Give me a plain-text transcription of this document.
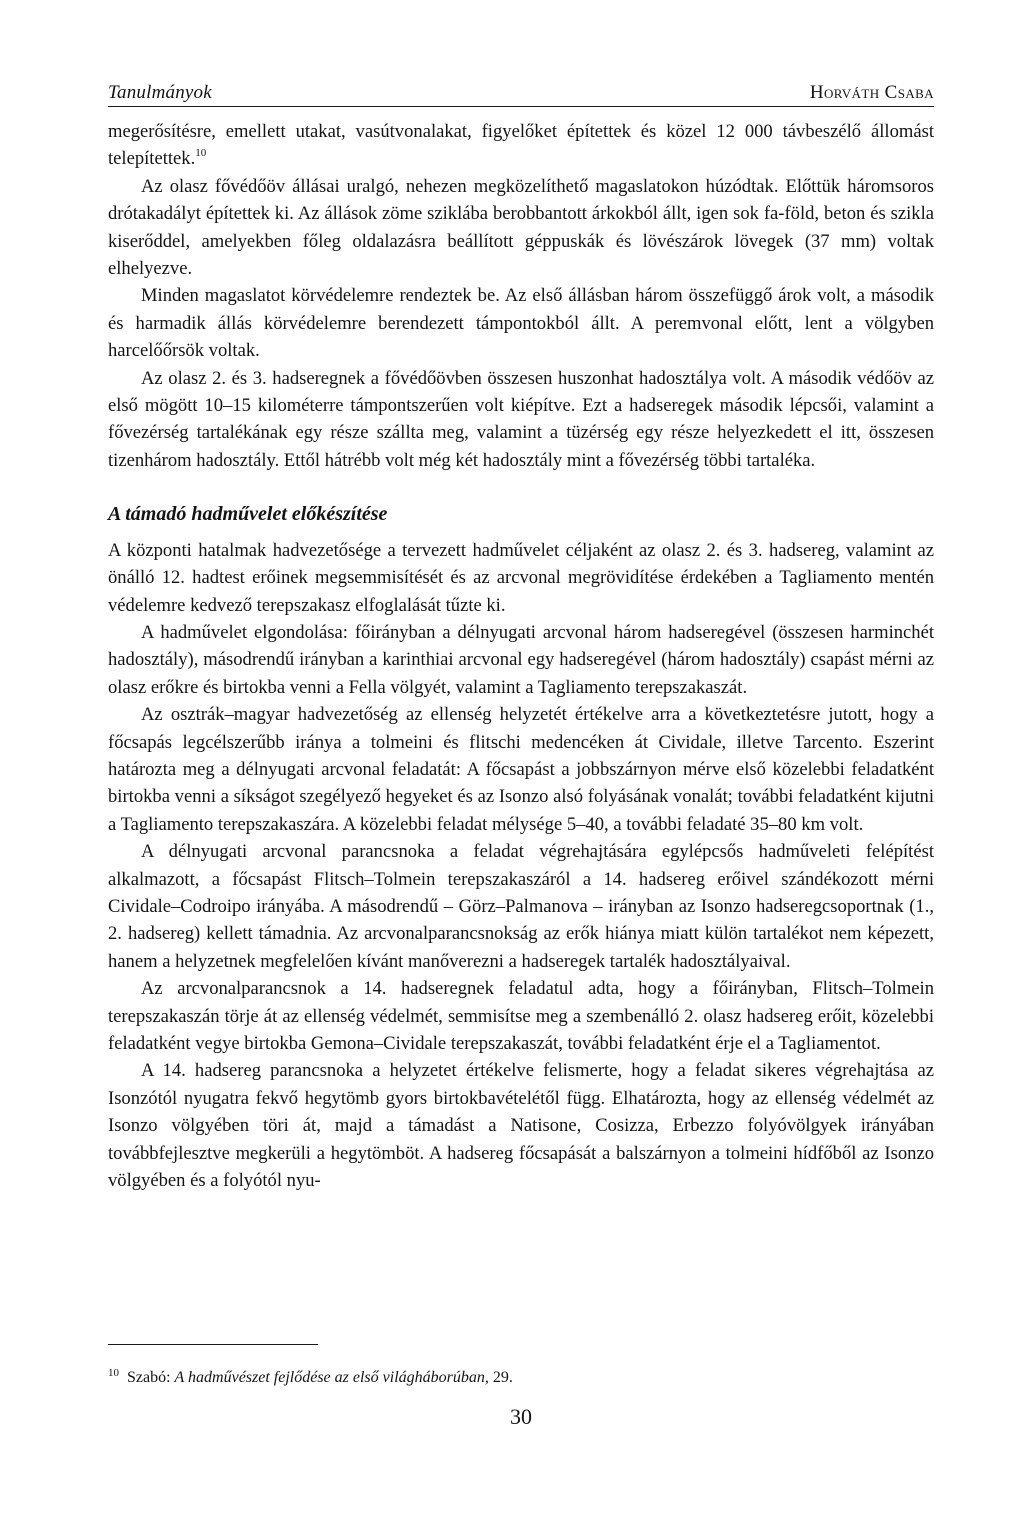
Tanulmányok	Horváth Csaba

megerősítésre, emellett utakat, vasútvonalakat, figyelőket építettek és közel 12 000 távbeszélő állomást telepítettek.$^{10}$

Az olasz fővédőöv állásai uralgó, nehezen megközelíthető magaslatokon húzódtak. Előttük háromsoros drótakadályt építettek ki. Az állások zöme sziklába berobbantott árkokból állt, igen sok fa-föld, beton és szikla kiserőddel, amelyekben főleg oldalazásra beállított géppuskák és lövészárok lövegek (37 mm) voltak elhelyezve.

Minden magaslatot körvédelemre rendeztek be. Az első állásban három összefüggő árok volt, a második és harmadik állás körvédelemre berendezett támpontokból állt. A peremvonal előtt, lent a völgyben harcelőőrsök voltak.

Az olasz 2. és 3. hadseregnek a fővédőövben összesen huszonhat hadosztálya volt. A második védőöv az első mögött 10–15 kilométerre támpontszerűen volt kiépítve. Ezt a hadseregek második lépcsői, valamint a fővezérség tartalékának egy része szállta meg, valamint a tüzérség egy része helyezkedett el itt, összesen tizenhárom hadosztály. Ettől hátrébb volt még két hadosztály mint a fővezérség többi tartaléka.

A támadó hadművelet előkészítése

A központi hatalmak hadvezetősége a tervezett hadművelet céljaként az olasz 2. és 3. hadsereg, valamint az önálló 12. hadtest erőinek megsemmisítését és az arcvonal megrövidítése érdekében a Tagliamento mentén védelemre kedvező terepszakasz elfoglalását tűzte ki.

A hadművelet elgondolása: főirányban a délnyugati arcvonal három hadseregével (összesen harminchét hadosztály), másodrendű irányban a karinthiai arcvonal egy hadseregével (három hadosztály) csapást mérni az olasz erőkre és birtokba venni a Fella völgyét, valamint a Tagliamento terepszakaszát.

Az osztrák–magyar hadvezetőség az ellenség helyzetét értékelve arra a következtetésre jutott, hogy a főcsapás legcélszerűbb iránya a tolmeini és flitschi medencéken át Cividale, illetve Tarcento. Eszerint határozta meg a délnyugati arcvonal feladatát: A főcsapást a jobbszárnyon mérve első közelebbi feladatként birtokba venni a síkságot szegélyező hegyeket és az Isonzo alsó folyásának vonalát; további feladatként kijutni a Tagliamento terepszakaszára. A közelebbi feladat mélysége 5–40, a további feladaté 35–80 km volt.

A délnyugati arcvonal parancsnoka a feladat végrehajtására egylépcsős hadműveleti felépítést alkalmazott, a főcsapást Flitsch–Tolmein terepszakaszáról a 14. hadsereg erőivel szándékozott mérni Cividale–Codroipo irányába. A másodrendű – Görz–Palmanova – irányban az Isonzo hadseregcsoportnak (1., 2. hadsereg) kellett támadnia. Az arcvonalparancsnokság az erők hiánya miatt külön tartalékot nem képezett, hanem a helyzetnek megfelelően kívánt manőverezni a hadseregek tartalék hadosztályaival.

Az arcvonalparancsnok a 14. hadseregnek feladatul adta, hogy a főirányban, Flitsch–Tolmein terepszakaszán törje át az ellenség védelmét, semmisítse meg a szembenálló 2. olasz hadsereg erőit, közelebbi feladatként vegye birtokba Gemona–Cividale terepszakaszát, további feladatként érje el a Tagliamentot.

A 14. hadsereg parancsnoka a helyzetet értékelve felismerte, hogy a feladat sikeres végrehajtása az Isonzótól nyugatra fekvő hegytömb gyors birtokbavételétől függ. Elhatározta, hogy az ellenség védelmét az Isonzo völgyében töri át, majd a támadást a Natisone, Cosizza, Erbezzo folyóvölgyek irányában továbbfejlesztve megkerüli a hegytömböt. A hadsereg főcsapását a balszárnyon a tolmeini hídfőből az Isonzo völgyében és a folyótól nyu-

$^{10}$ Szabó: A hadművészet fejlődése az első világháborúban, 29.
30
